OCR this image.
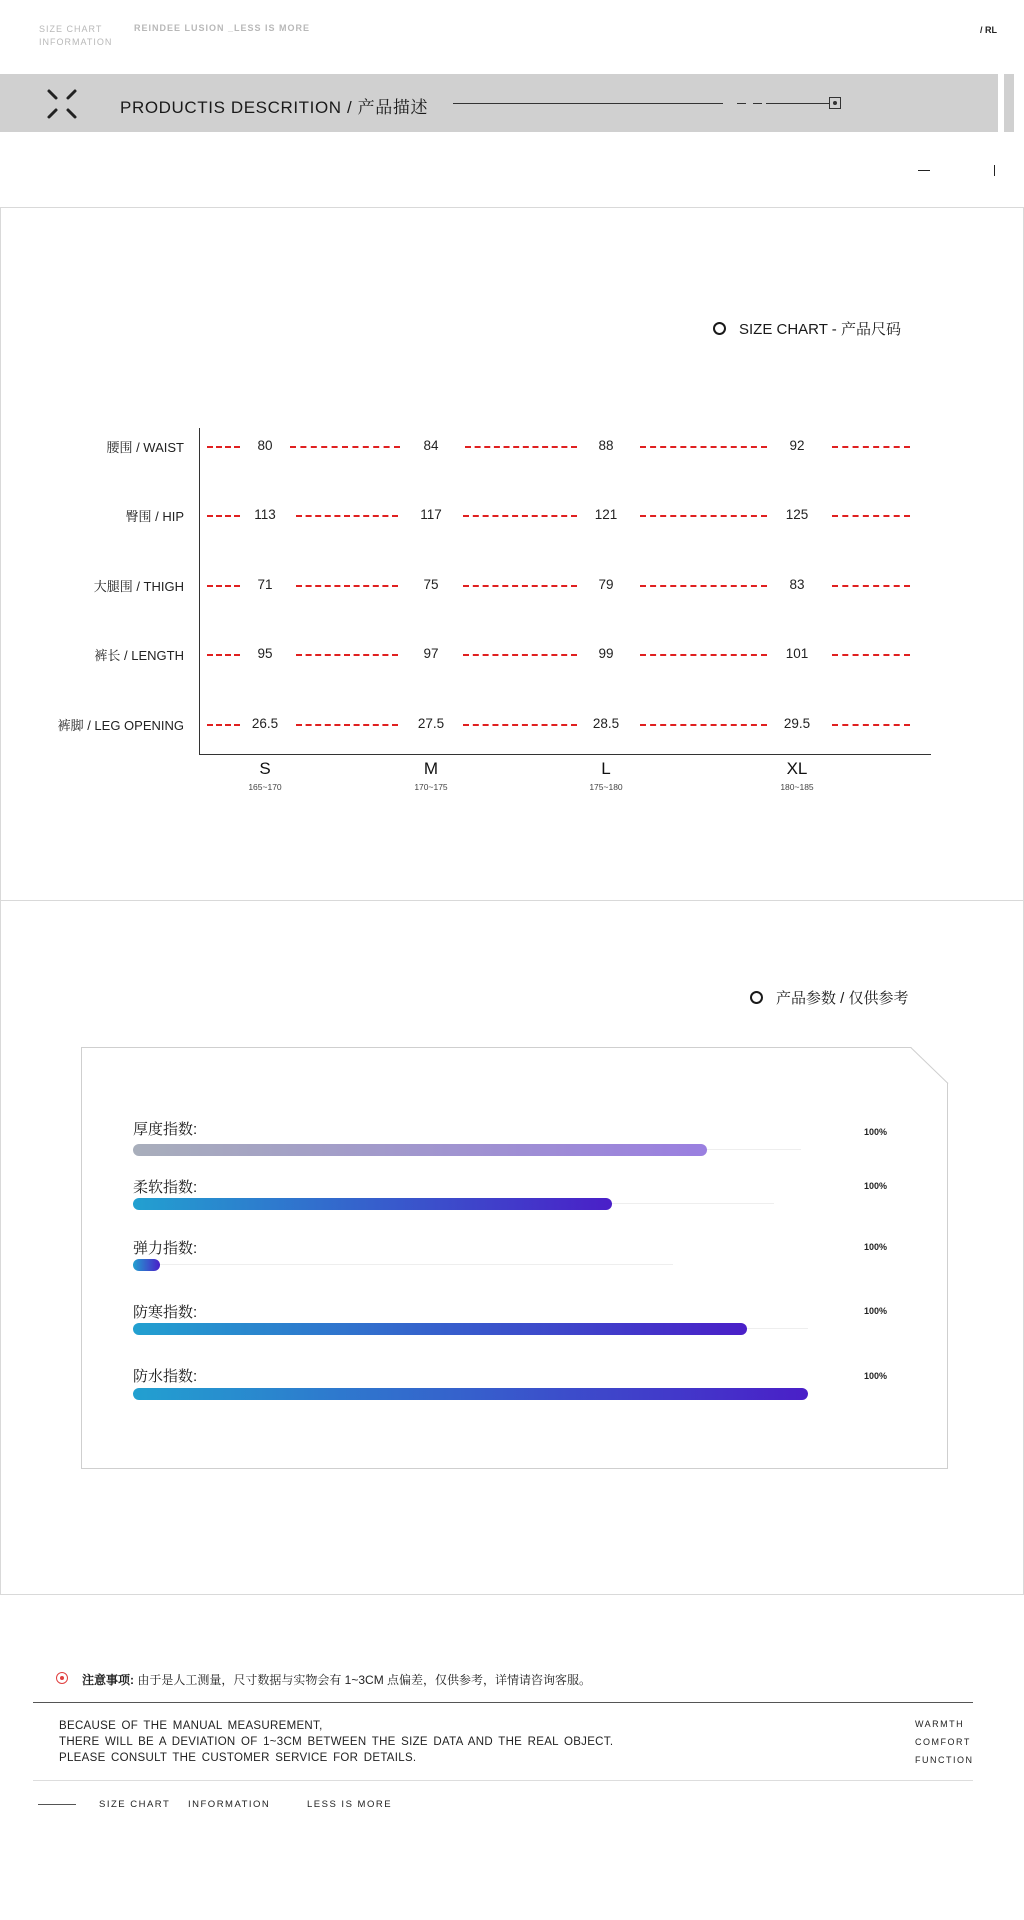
SIZE CHART
INFORMATION
REINDEE LUSION _LESS IS MORE	/ RL
PRODUCTIS DESCRITION / 产品描述
SIZE CHART - 产品尺码
腰围 / WAIST	80	84	88	92
臀围 / HIP	113	117	121	125
大腿围 / THIGH	71	75	79	83
裤长 / LENGTH	95	97	99	101
裤脚 / LEG OPENING	26.5	27.5	28.5	29.5
S
165~170
M
170~175
L
175~180
XL
180~185
产品参数 / 仅供参考
厚度指数:	100%
柔软指数:	100%
弹力指数:	100%
防寒指数:	100%
防水指数:	100%
注意事项: 由于是人工测量，尺寸数据与实物会有 1~3CM 点偏差，仅供参考，详情请咨询客服。
BECAUSE OF THE MANUAL MEASUREMENT,
THERE WILL BE A DEVIATION OF 1~3CM BETWEEN THE SIZE DATA AND THE REAL OBJECT.
PLEASE CONSULT THE CUSTOMER SERVICE FOR DETAILS.
WARMTH
COMFORT
FUNCTION
SIZE CHART INFORMATION	LESS IS MORE
